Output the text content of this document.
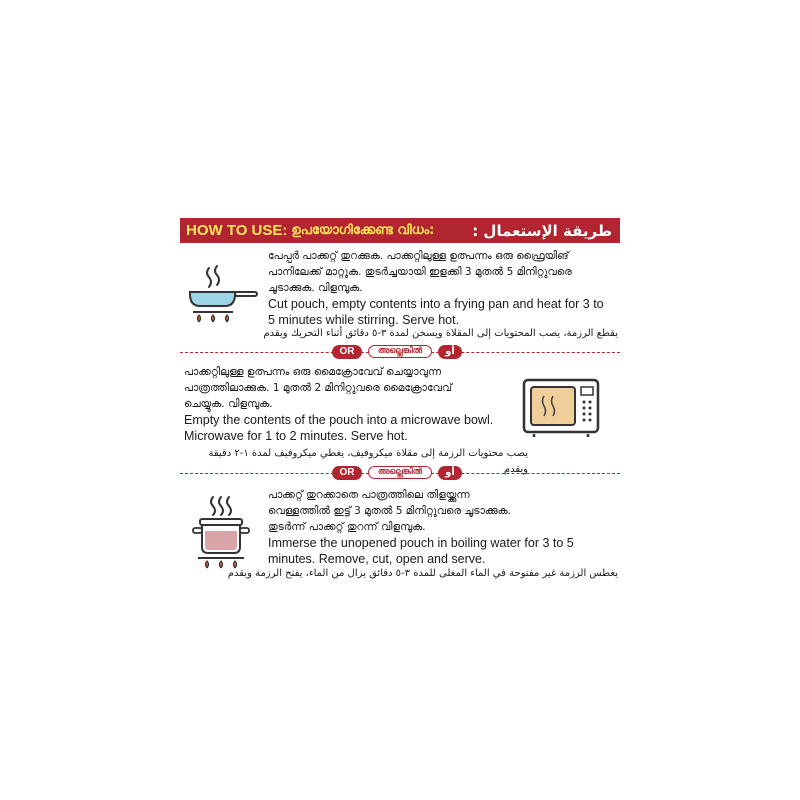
HOW TO USE: ഉപയോഗിക്കേണ്ട വിധം:	طريقة الإستعمال :
പേപ്പർ പാക്കറ്റ് തുറക്കുക. പാക്കറ്റിലുള്ള ഉത്പന്നം ഒരു ഫ്രൈയിങ്
പാനിലേക്ക് മാറ്റുക. തുടർച്ചയായി ഇളക്കി 3 മുതൽ 5 മിനിറ്റുവരെ
ചൂടാക്കുക. വിളമ്പുക.
Cut pouch, empty contents into a frying pan and heat for 3 to
5 minutes while stirring. Serve hot.
يقطع الرزمة، يصب المحتويات إلى المقلاة ويسخن لمدة ٣-٥ دقائق أثناء التحريك ويقدم
OR	അല്ലെങ്കിൽ	أو
പാക്കറ്റിലുള്ള ഉത്പന്നം ഒരു മൈക്രോവേവ് ചെയ്യാവുന്ന
പാത്രത്തിലാക്കുക. 1 മുതൽ 2 മിനിറ്റുവരെ മൈക്രോവേവ്
ചെയ്യുക. വിളമ്പുക.
Empty the contents of the pouch into a microwave bowl.
Microwave for 1 to 2 minutes. Serve hot.
يصب محتويات الرزمة إلى مقلاة ميكروفيف، يغطي ميكروفيف لمدة ١-٢ دقيقة ويقدم
OR	അല്ലെങ്കിൽ	أو
പാക്കറ്റ് തുറക്കാതെ പാത്രത്തിലെ തിളയ്ക്കുന്ന
വെള്ളത്തിൽ ഇട്ട് 3 മുതൽ 5 മിനിറ്റുവരെ ചൂടാക്കുക.
തുടർന്ന് പാക്കറ്റ് തുറന്ന് വിളമ്പുക.
Immerse the unopened pouch in boiling water for 3 to 5
minutes. Remove, cut, open and serve.
يغطس الرزمة غير مفتوحة في الماء المغلى للمدة ٣-٥ دقائق يزال من الماء، يفتح الرزمة ويقدم
